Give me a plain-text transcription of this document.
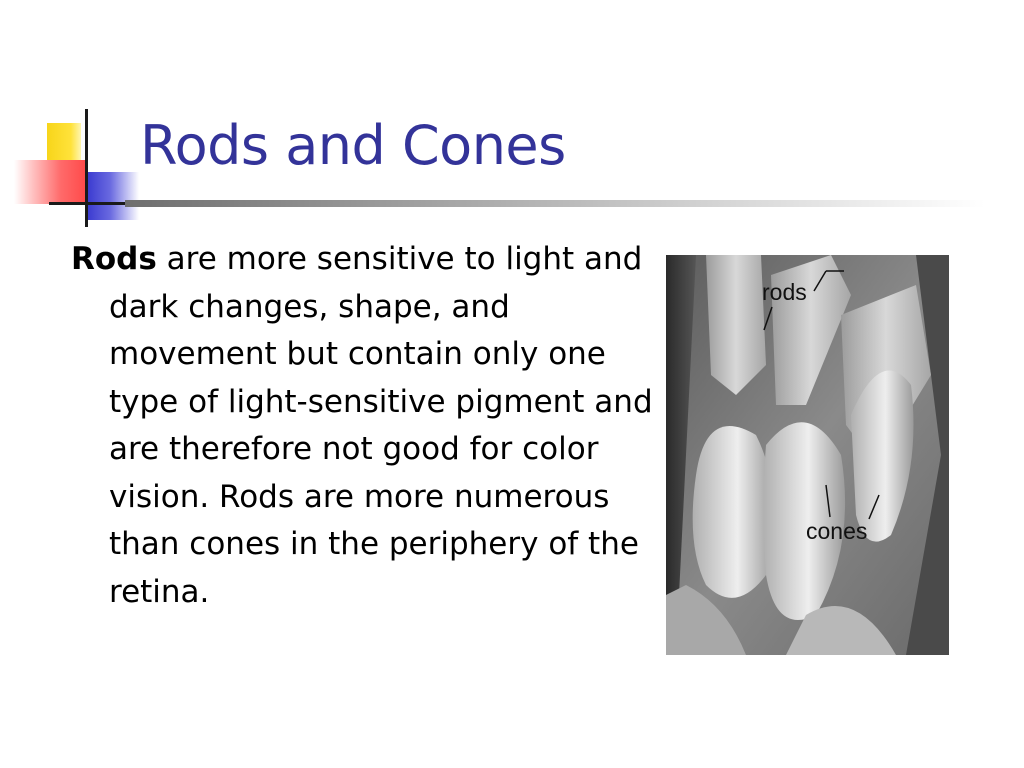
Rods and Cones

Rods are more sensitive to light and dark changes, shape, and movement but contain only one type of light-sensitive pigment and are therefore not good for color vision. Rods are more numerous than cones in the periphery of the retina.

rods
cones
